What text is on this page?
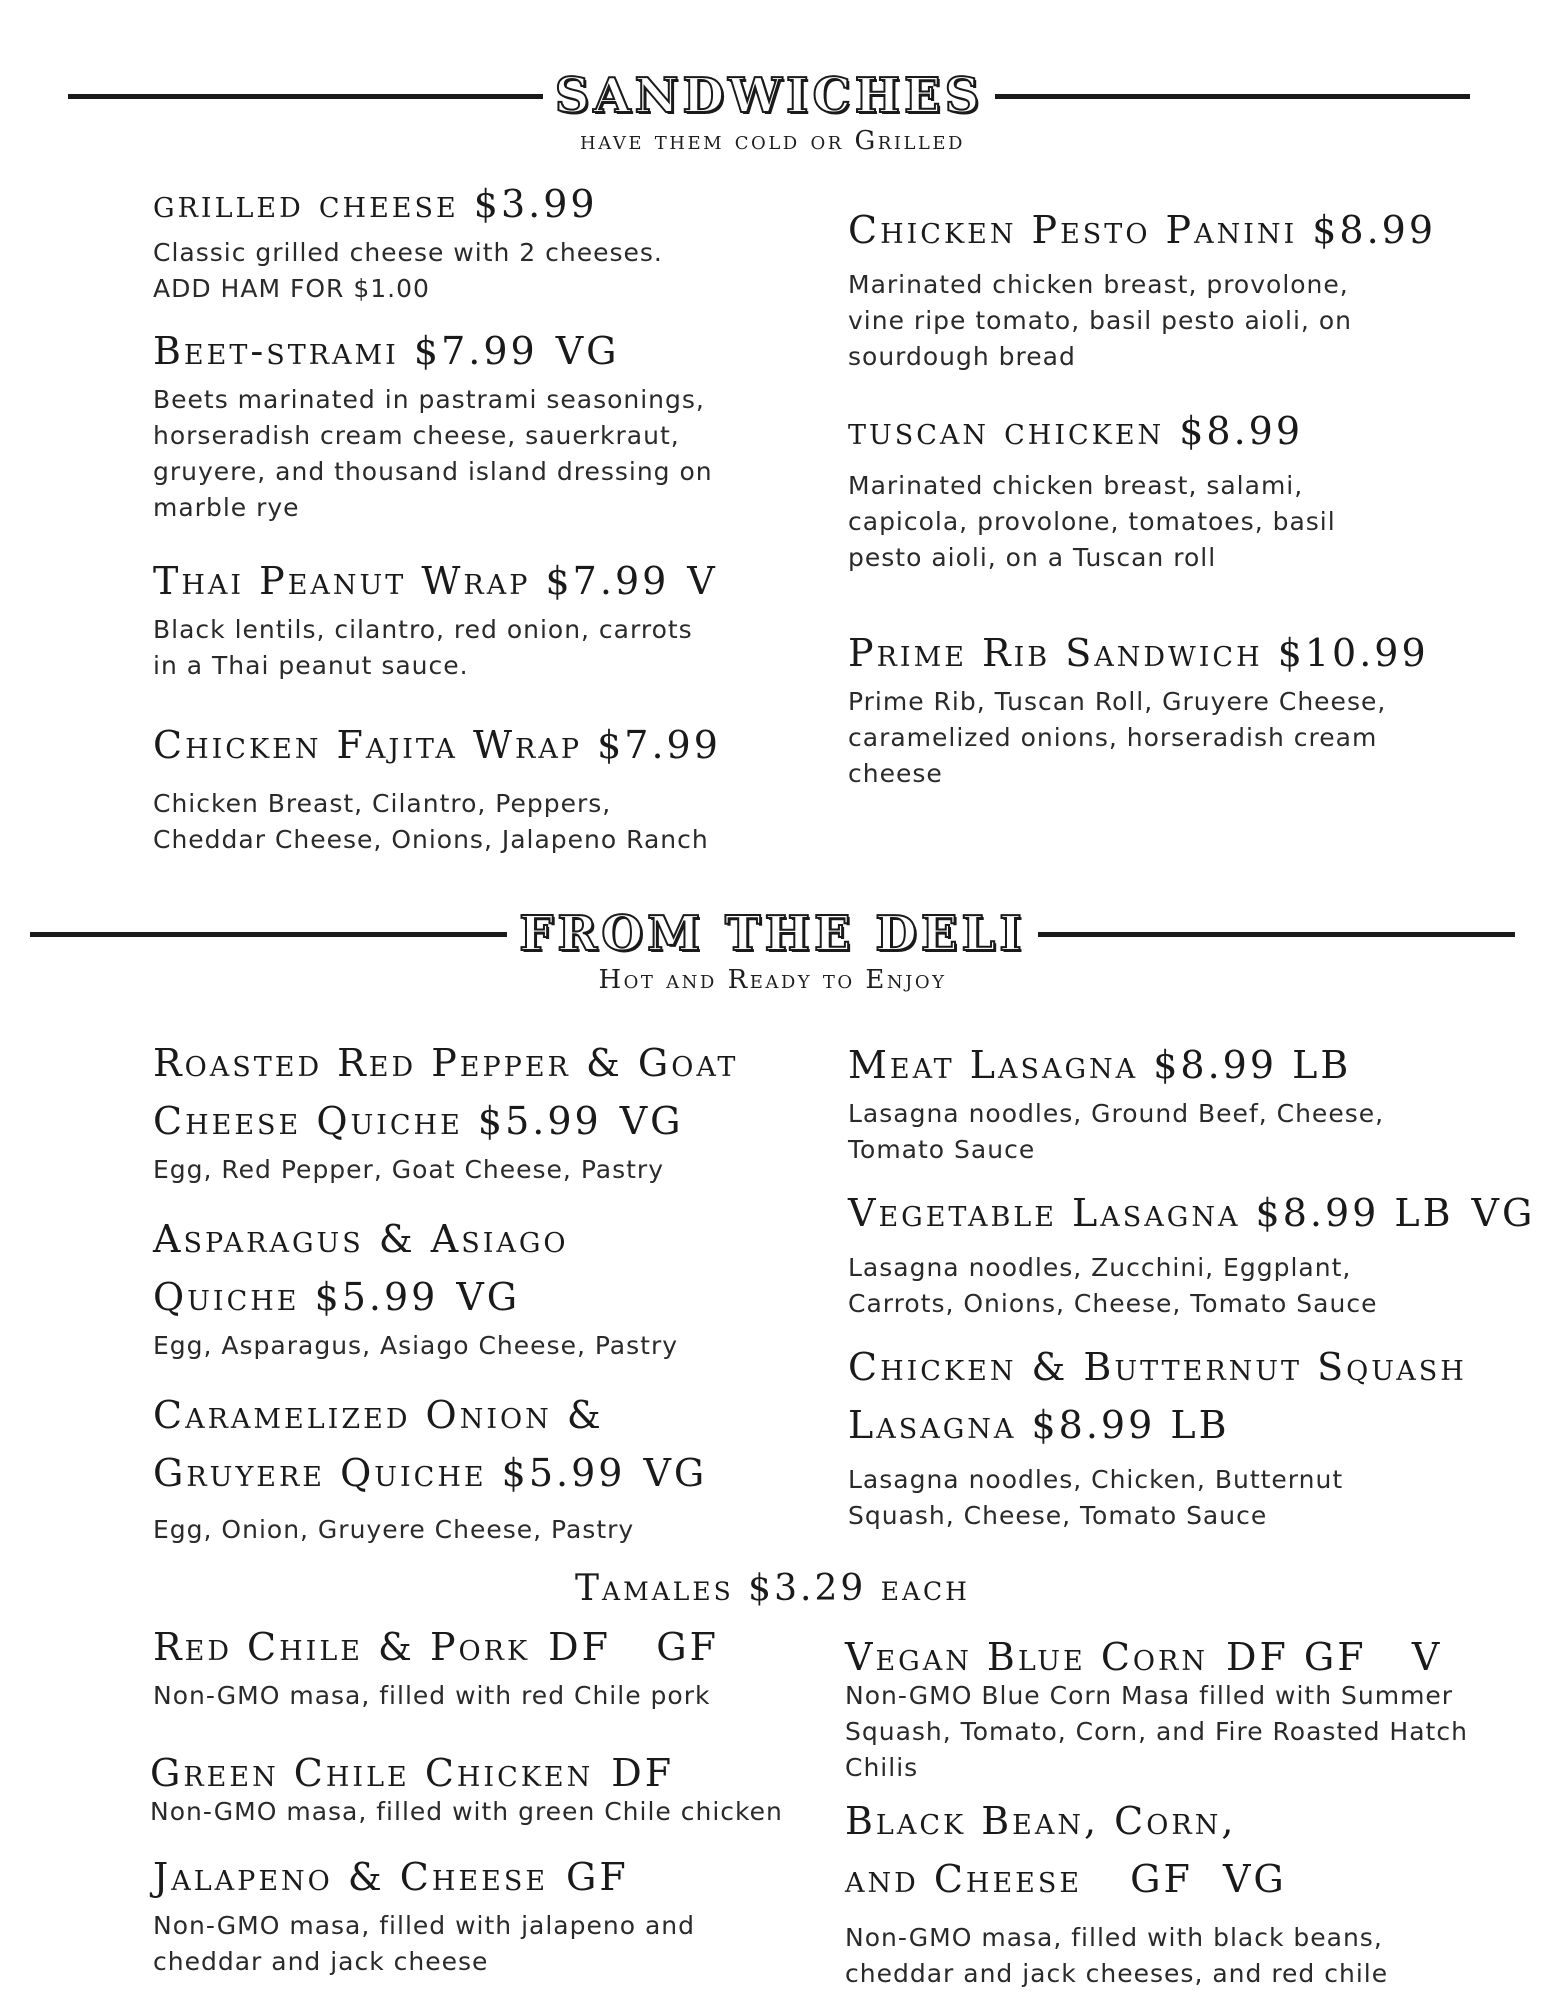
SANDWICHES
have them cold or Grilled
grilled cheese $3.99
Classic grilled cheese with 2 cheeses.
ADD HAM FOR $1.00
Beet-strami $7.99 VG
Beets marinated in pastrami seasonings,
horseradish cream cheese, sauerkraut,
gruyere, and thousand island dressing on
marble rye
Thai Peanut Wrap $7.99 V
Black lentils, cilantro, red onion, carrots
in a Thai peanut sauce.
Chicken Fajita Wrap $7.99
Chicken Breast, Cilantro, Peppers,
Cheddar Cheese, Onions, Jalapeno Ranch
Chicken Pesto Panini $8.99
Marinated chicken breast, provolone,
vine ripe tomato, basil pesto aioli, on
sourdough bread
tuscan chicken $8.99
Marinated chicken breast, salami,
capicola, provolone, tomatoes, basil
pesto aioli, on a Tuscan roll
Prime Rib Sandwich $10.99
Prime Rib, Tuscan Roll, Gruyere Cheese,
caramelized onions, horseradish cream
cheese
FROM THE DELI
Hot and Ready to Enjoy
Roasted Red Pepper & Goat
Cheese Quiche $5.99 VG
Egg, Red Pepper, Goat Cheese, Pastry
Asparagus & Asiago
Quiche $5.99 VG
Egg, Asparagus, Asiago Cheese, Pastry
Caramelized Onion &
Gruyere Quiche $5.99 VG
Egg, Onion, Gruyere Cheese, Pastry
Meat Lasagna $8.99 LB
Lasagna noodles, Ground Beef, Cheese,
Tomato Sauce
Vegetable Lasagna $8.99 LB VG
Lasagna noodles, Zucchini, Eggplant,
Carrots, Onions, Cheese, Tomato Sauce
Chicken & Butternut Squash
Lasagna $8.99 LB
Lasagna noodles, Chicken, Butternut
Squash, Cheese, Tomato Sauce
Tamales $3.29 each
Red Chile & Pork DF   GF
Non-GMO masa, filled with red Chile pork
Green Chile Chicken DF
Non-GMO masa, filled with green Chile chicken
Jalapeno & Cheese GF
Non-GMO masa, filled with jalapeno and
cheddar and jack cheese
Vegan Blue Corn DF GF   V
Non-GMO Blue Corn Masa filled with Summer
Squash, Tomato, Corn, and Fire Roasted Hatch
Chilis
Black Bean, Corn,
and Cheese GF  VG
Non-GMO masa, filled with black beans,
cheddar and jack cheeses, and red chile
